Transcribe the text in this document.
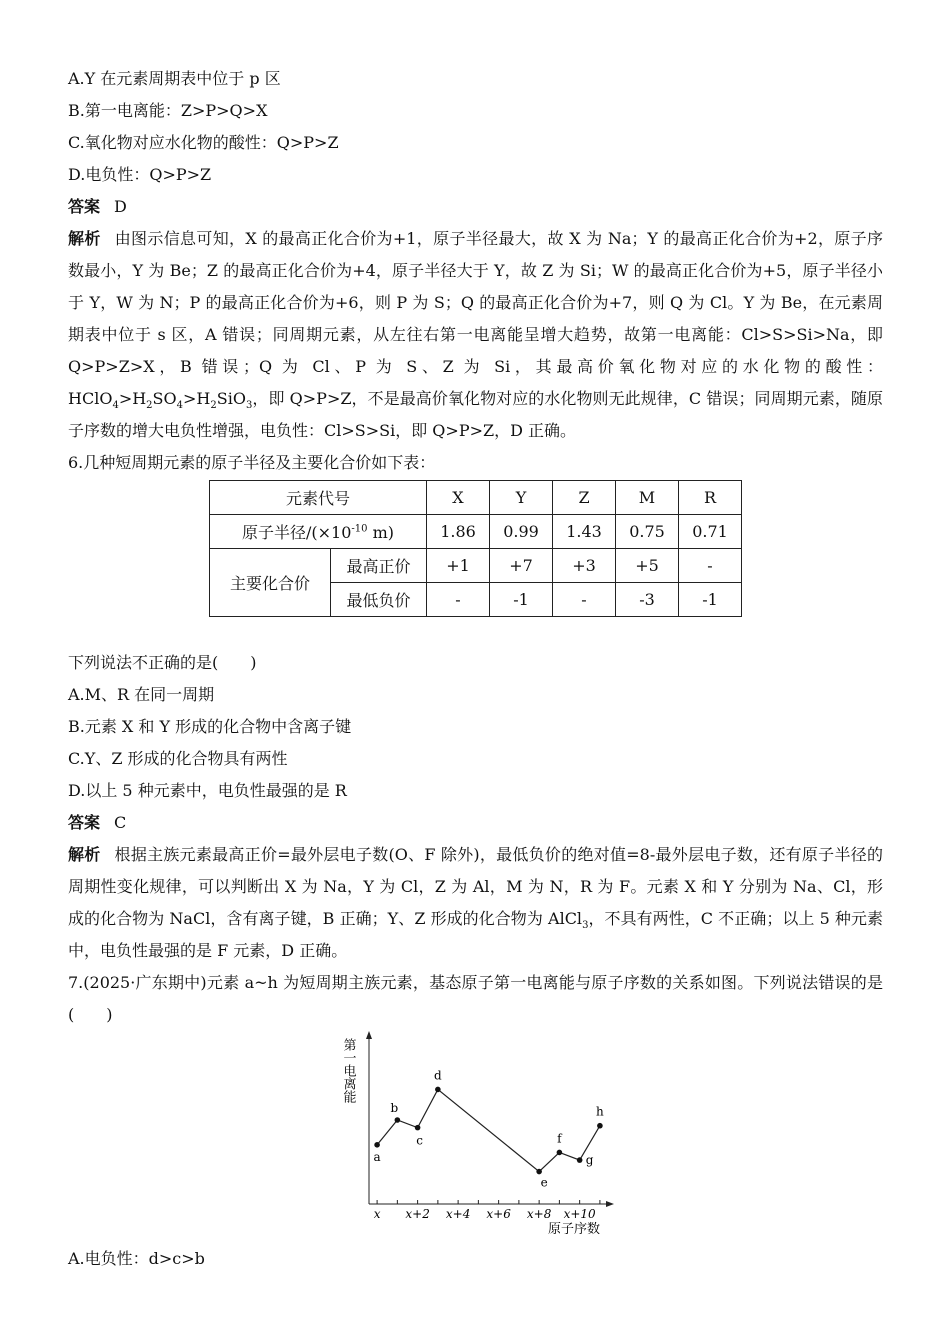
A.Y 在元素周期表中位于 p 区
B.第一电离能：Z>P>Q>X
C.氧化物对应水化物的酸性：Q>P>Z
D.电负性：Q>P>Z
答案 D
解析 由图示信息可知，X 的最高正化合价为+1，原子半径最大，故 X 为 Na；Y 的最高正化合价为+2，原子序数最小，Y 为 Be；Z 的最高正化合价为+4，原子半径大于 Y，故 Z 为 Si；W 的最高正化合价为+5，原子半径小于 Y，W 为 N；P 的最高正化合价为+6，则 P 为 S；Q 的最高正化合价为+7，则 Q 为 Cl。Y 为 Be，在元素周期表中位于 s 区，A 错误；同周期元素，从左往右第一电离能呈增大趋势，故第一电离能：Cl>S>Si>Na，即 Q>P>Z>X，B 错误；Q 为 Cl、P 为 S、Z 为 Si，其最高价氧化物对应的水化物的酸性：$HClO_4>H_2SO_4>H_2SiO_3$，即 Q>P>Z，不是最高价氧化物对应的水化物则无此规律，C 错误；同周期元素，随原子序数的增大电负性增强，电负性：Cl>S>Si，即 Q>P>Z，D 正确。
6.几种短周期元素的原子半径及主要化合价如下表：
元素代号		X	Y	Z	M	R
原子半径$/(\times 10^{-10}$ m)		1.86	0.99	1.43	0.75	0.71
主要化合价	最高正价	+1	+7	+3	+5	-
	最低负价	-	-1	-	-3	-1
下列说法不正确的是(　　)
A.M、R 在同一周期
B.元素 X 和 Y 形成的化合物中含离子键
C.Y、Z 形成的化合物具有两性
D.以上 5 种元素中，电负性最强的是 R
答案 C
解析 根据主族元素最高正价=最外层电子数(O、F 除外)，最低负价的绝对值=8-最外层电子数，还有原子半径的周期性变化规律，可以判断出 X 为 Na，Y 为 Cl，Z 为 Al，M 为 N，R 为 F。元素 X 和 Y 分别为 Na、Cl，形成的化合物为 NaCl，含有离子键，B 正确；Y、Z 形成的化合物为 AlCl$_3$，不具有两性，C 不正确；以上 5 种元素中，电负性最强的是 F 元素，D 正确。
7.(2025·广东期中)元素 a~h 为短周期主族元素，基态原子第一电离能与原子序数的关系如图。下列说法错误的是(　　)
第一电离能
原子序数
x x+2 x+4 x+6 x+8 x+10
a
b
c
d
e
f
g
h
A.电负性：d>c>b
